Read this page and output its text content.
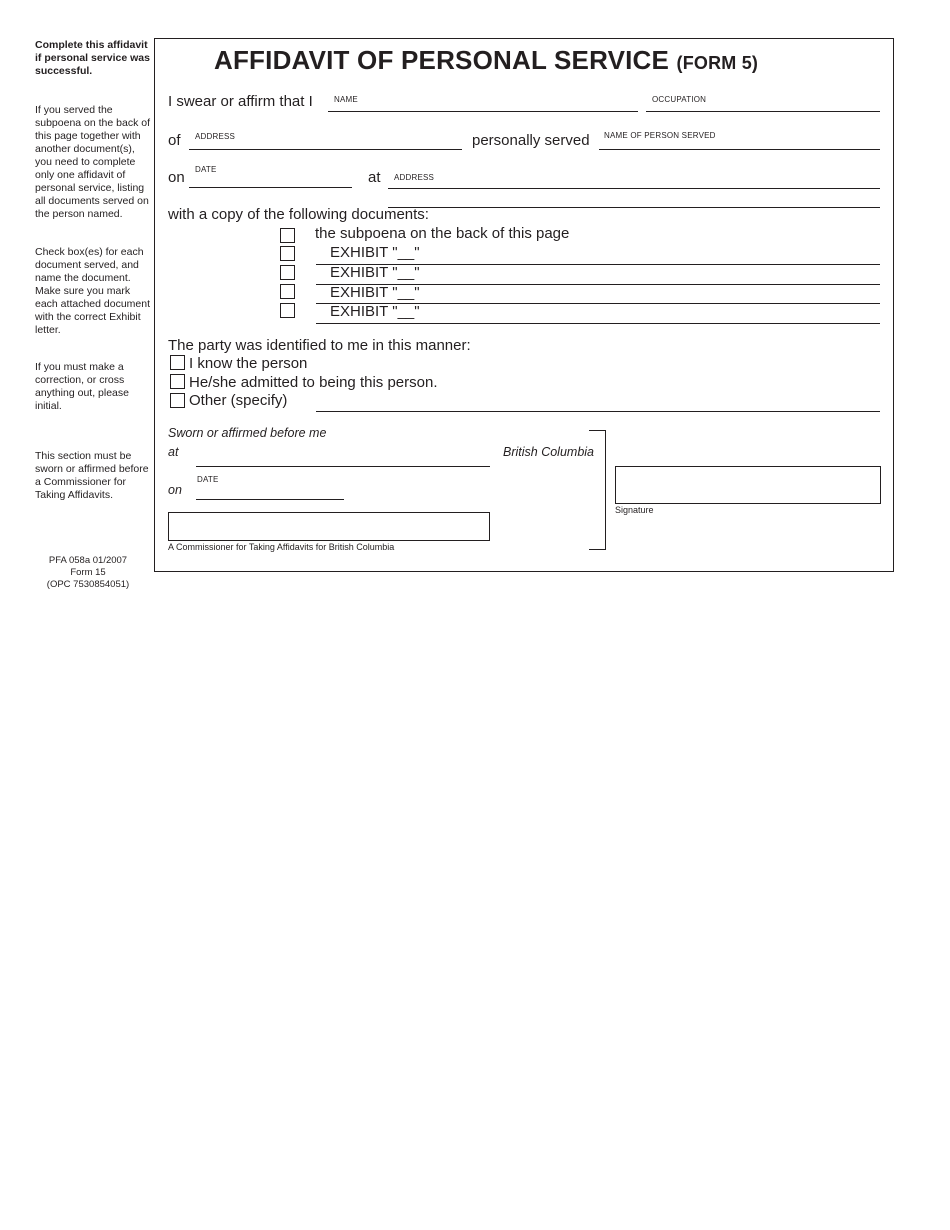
Complete this affidavit if personal service was successful.
If you served the subpoena on the back of this page together with another document(s), you need to complete only one affidavit of personal service, listing all documents served on the person named.
Check box(es) for each document served, and name the document. Make sure you mark each attached document with the correct Exhibit letter.
If you must make a correction, or cross anything out, please initial.
This section must be sworn or affirmed before a Commissioner for Taking Affidavits.
PFA 058a 01/2007
Form 15
(OPC 7530854051)
AFFIDAVIT OF PERSONAL SERVICE (FORM 5)
I swear or affirm that I	NAME	OCCUPATION
of ADDRESS	personally served NAME OF PERSON SERVED
on DATE	at ADDRESS
with a copy of the following documents:
the subpoena on the back of this page
EXHIBIT "__"
EXHIBIT "__"
EXHIBIT "__"
EXHIBIT "__"
The party was identified to me in this manner:
I know the person
He/she admitted to being this person.
Other (specify)
Sworn or affirmed before me
at	British Columbia
on
DATE
A Commissioner for Taking Affidavits for British Columbia
Signature
